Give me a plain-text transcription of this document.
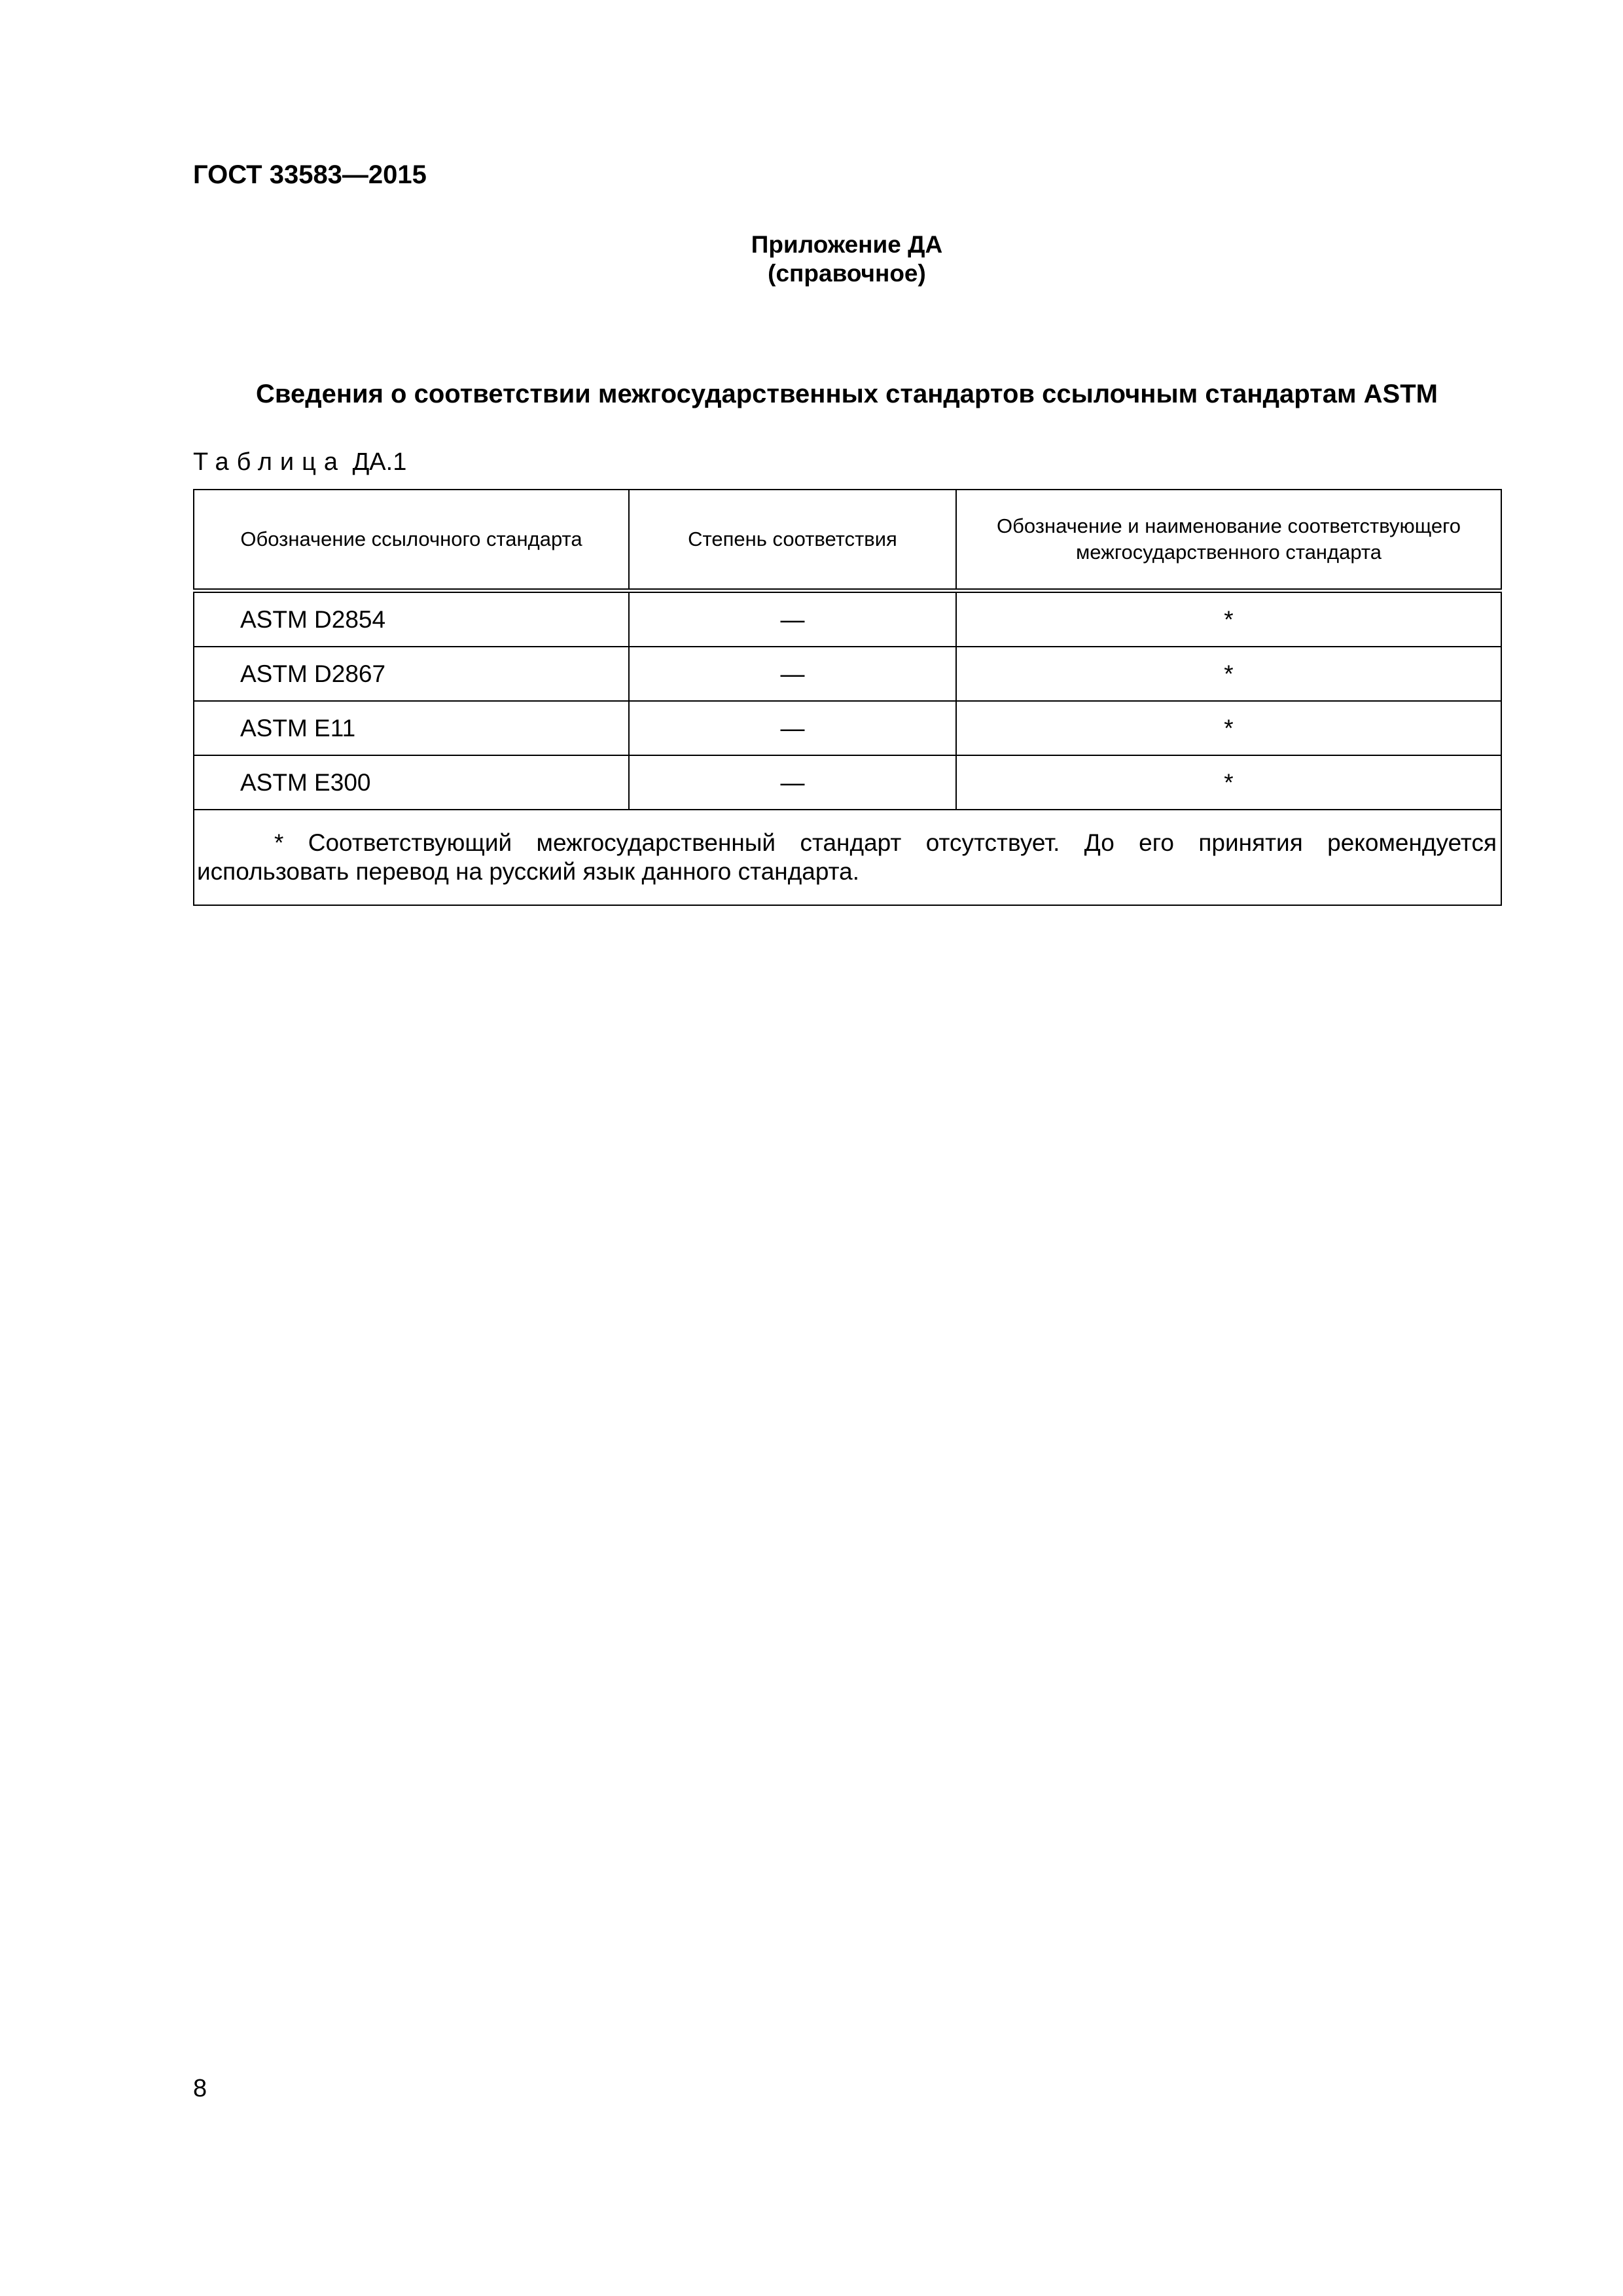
ГОСТ 33583—2015
Приложение ДА
(справочное)
Сведения о соответствии межгосударственных стандартов ссылочным стандартам ASTM
Таблица ДА.1
Обозначение ссылочного стандарта	Степень соответствия	Обозначение и наименование соответствующего межгосударственного стандарта
ASTM D2854	—	*
ASTM D2867	—	*
ASTM E11	—	*
ASTM E300	—	*
* Соответствующий межгосударственный стандарт отсутствует. До его принятия рекомендуется использовать перевод на русский язык данного стандарта.		
8
